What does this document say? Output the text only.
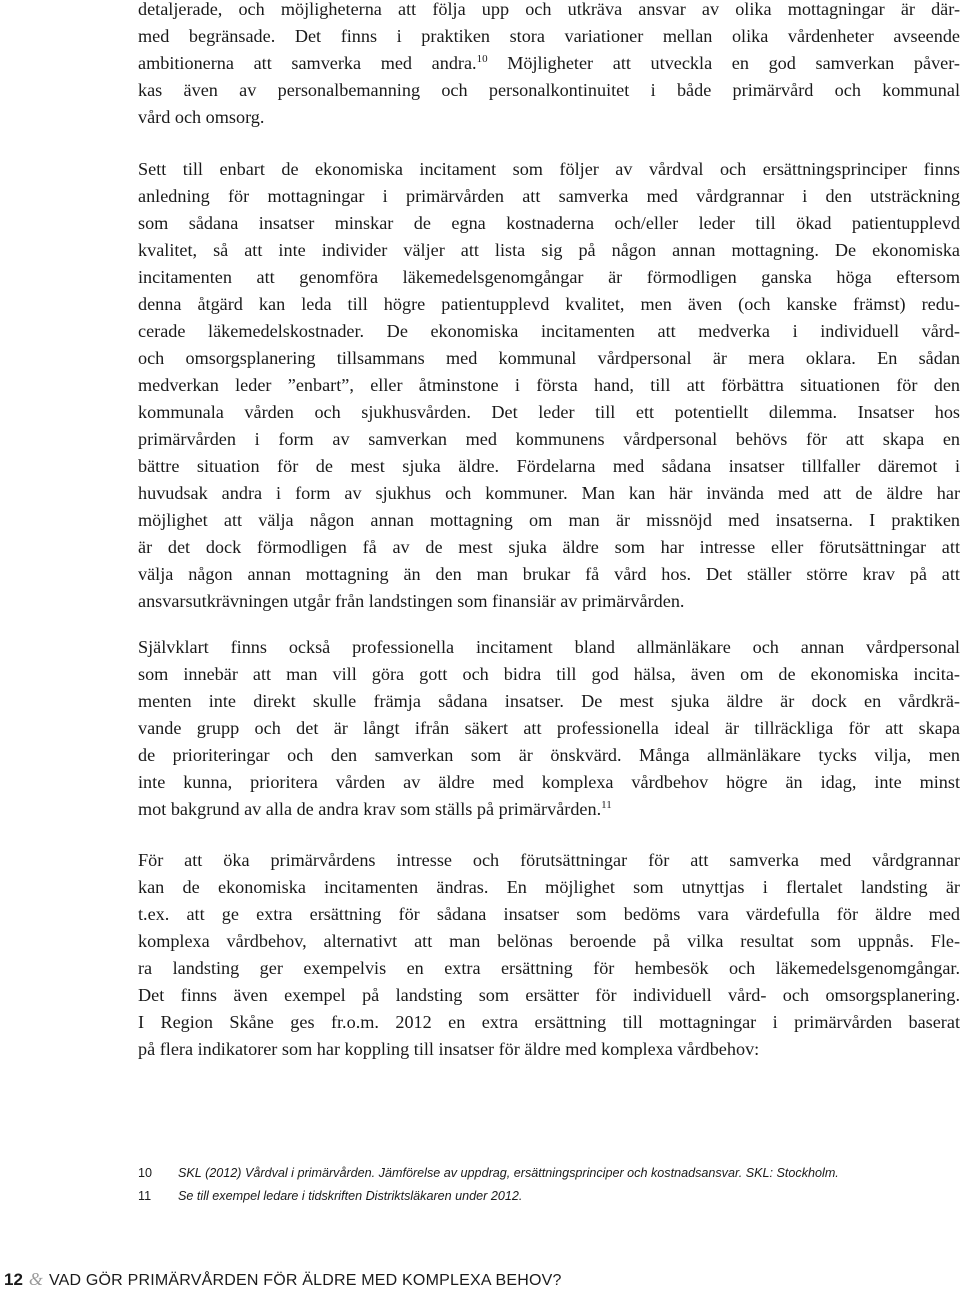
detaljerade, och möjligheterna att följa upp och utkräva ansvar av olika mottagningar är där-
med begränsade. Det finns i praktiken stora variationer mellan olika vårdenheter avseende
ambitionerna att samverka med andra.$^{10}$ Möjligheter att utveckla en god samverkan påver-
kas även av personalbemanning och personalkontinuitet i både primärvård och kommunal
vård och omsorg.

Sett till enbart de ekonomiska incitament som följer av vårdval och ersättningsprinciper finns
anledning för mottagningar i primärvården att samverka med vårdgrannar i den utsträckning
som sådana insatser minskar de egna kostnaderna och/eller leder till ökad patientupplevd
kvalitet, så att inte individer väljer att lista sig på någon annan mottagning. De ekonomiska
incitamenten att genomföra läkemedelsgenomgångar är förmodligen ganska höga eftersom
denna åtgärd kan leda till högre patientupplevd kvalitet, men även (och kanske främst) redu-
cerade läkemedelskostnader. De ekonomiska incitamenten att medverka i individuell vård-
och omsorgsplanering tillsammans med kommunal vårdpersonal är mera oklara. En sådan
medverkan leder ”enbart”, eller åtminstone i första hand, till att förbättra situationen för den
kommunala vården och sjukhusvården. Det leder till ett potentiellt dilemma. Insatser hos
primärvården i form av samverkan med kommunens vårdpersonal behövs för att skapa en
bättre situation för de mest sjuka äldre. Fördelarna med sådana insatser tillfaller däremot i
huvudsak andra i form av sjukhus och kommuner. Man kan här invända med att de äldre har
möjlighet att välja någon annan mottagning om man är missnöjd med insatserna. I praktiken
är det dock förmodligen få av de mest sjuka äldre som har intresse eller förutsättningar att
välja någon annan mottagning än den man brukar få vård hos. Det ställer större krav på att
ansvarsutkrävningen utgår från landstingen som finansiär av primärvården.

Självklart finns också professionella incitament bland allmänläkare och annan vårdpersonal
som innebär att man vill göra gott och bidra till god hälsa, även om de ekonomiska incita-
menten inte direkt skulle främja sådana insatser. De mest sjuka äldre är dock en vårdkrä-
vande grupp och det är långt ifrån säkert att professionella ideal är tillräckliga för att skapa
de prioriteringar och den samverkan som är önskvärd. Många allmänläkare tycks vilja, men
inte kunna, prioritera vården av äldre med komplexa vårdbehov högre än idag, inte minst
mot bakgrund av alla de andra krav som ställs på primärvården.$^{11}$

För att öka primärvårdens intresse och förutsättningar för att samverka med vårdgrannar
kan de ekonomiska incitamenten ändras. En möjlighet som utnyttjas i flertalet landsting är
t.ex. att ge extra ersättning för sådana insatser som bedöms vara värdefulla för äldre med
komplexa vårdbehov, alternativt att man belönas beroende på vilka resultat som uppnås. Fle-
ra landsting ger exempelvis en extra ersättning för hembesök och läkemedelsgenomgångar.
Det finns även exempel på landsting som ersätter för individuell vård- och omsorgsplanering.
I Region Skåne ges fr.o.m. 2012 en extra ersättning till mottagningar i primärvården baserat
på flera indikatorer som har koppling till insatser för äldre med komplexa vårdbehov:

10	SKL (2012) Vårdval i primärvården. Jämförelse av uppdrag, ersättningsprinciper och kostnadsansvar. SKL: Stockholm.
11	Se till exempel ledare i tidskriften Distriktsläkaren under 2012.
12 & VAD GÖR PRIMÄRVÅRDEN FÖR ÄLDRE MED KOMPLEXA BEHOV?
